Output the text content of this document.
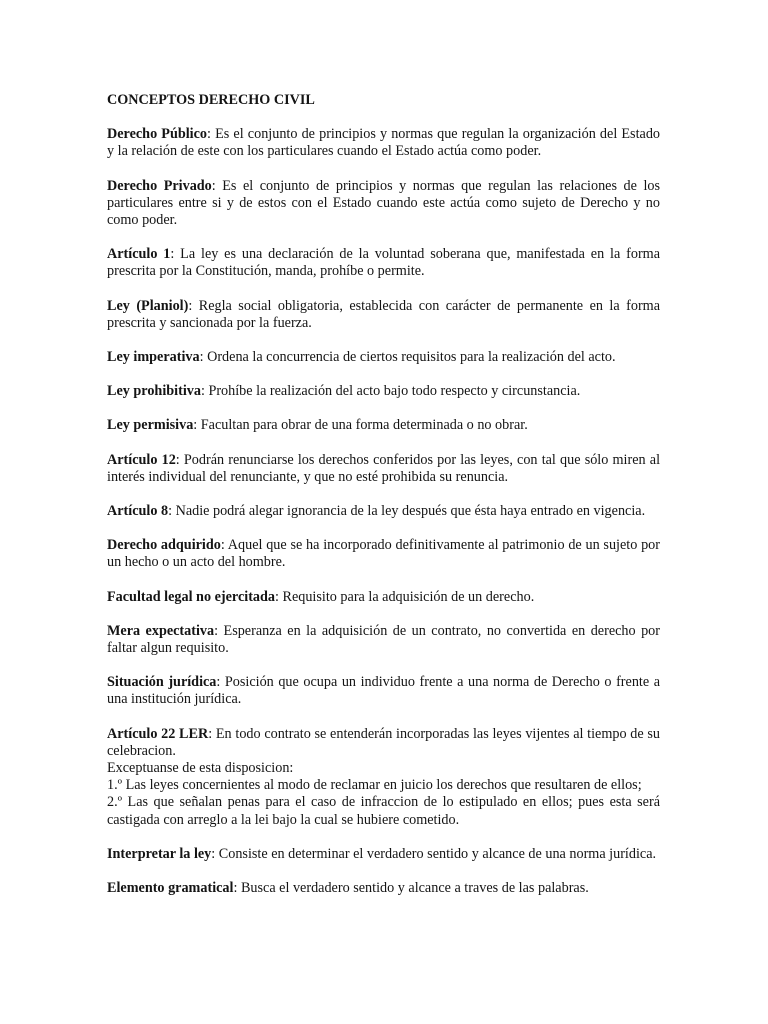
CONCEPTOS DERECHO CIVIL
Derecho Público: Es el conjunto de principios y normas que regulan la organización del Estado y la relación de este con los particulares cuando el Estado actúa como poder.
Derecho Privado: Es el conjunto de principios y normas que regulan las relaciones de los particulares entre si y de estos con el Estado cuando este actúa como sujeto de Derecho y no como poder.
Artículo 1: La ley es una declaración de la voluntad soberana que, manifestada en la forma prescrita por la Constitución, manda, prohíbe o permite.
Ley (Planiol): Regla social obligatoria, establecida con carácter de permanente en la forma prescrita y sancionada por la fuerza.
Ley imperativa: Ordena la concurrencia de ciertos requisitos para la realización del acto.
Ley prohibitiva: Prohíbe la realización del acto bajo todo respecto y circunstancia.
Ley permisiva: Facultan para obrar de una forma determinada o no obrar.
Artículo 12: Podrán renunciarse los derechos conferidos por las leyes, con tal que sólo miren al interés individual del renunciante, y que no esté prohibida su renuncia.
Artículo 8: Nadie podrá alegar ignorancia de la ley después que ésta haya entrado en vigencia.
Derecho adquirido: Aquel que se ha incorporado definitivamente al patrimonio de un sujeto por un hecho o un acto del hombre.
Facultad legal no ejercitada: Requisito para la adquisición de un derecho.
Mera expectativa: Esperanza en la adquisición de un contrato, no convertida en derecho por faltar algun requisito.
Situación jurídica: Posición que ocupa un individuo frente a una norma de Derecho o frente a una institución jurídica.
Artículo 22 LER: En todo contrato se entenderán incorporadas las leyes vijentes al tiempo de su celebracion.
Exceptuanse de esta disposicion:
1.º Las leyes concernientes al modo de reclamar en juicio los derechos que resultaren de ellos;
2.º Las que señalan penas para el caso de infraccion de lo estipulado en ellos; pues esta será castigada con arreglo a la lei bajo la cual se hubiere cometido.
Interpretar la ley: Consiste en determinar el verdadero sentido y alcance de una norma jurídica.
Elemento gramatical: Busca el verdadero sentido y alcance a traves de las palabras.
